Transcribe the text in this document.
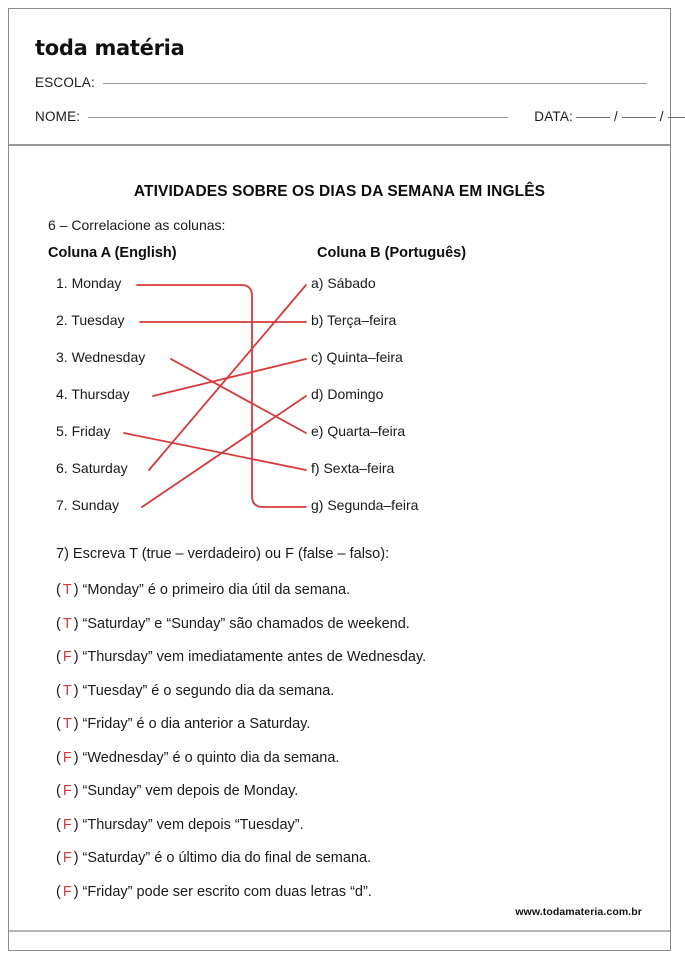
toda matéria
ESCOLA:
NOME:	DATA:	/	/
ATIVIDADES SOBRE OS DIAS DA SEMANA EM INGLÊS
6 – Correlacione as colunas:
Coluna A (English)	Coluna B (Português)
1. Monday
2. Tuesday
3. Wednesday
4. Thursday
5. Friday
6. Saturday
7. Sunday
a) Sábado
b) Terça–feira
c) Quinta–feira
d) Domingo
e) Quarta–feira
f) Sexta–feira
g) Segunda–feira
7) Escreva T (true – verdadeiro) ou F (false – falso):
( T ) “Monday” é o primeiro dia útil da semana.
( T ) “Saturday” e “Sunday” são chamados de weekend.
( F ) “Thursday” vem imediatamente antes de Wednesday.
( T ) “Tuesday” é o segundo dia da semana.
( T ) “Friday” é o dia anterior a Saturday.
( F ) “Wednesday” é o quinto dia da semana.
( F ) “Sunday” vem depois de Monday.
( F ) “Thursday” vem depois “Tuesday”.
( F ) “Saturday” é o último dia do final de semana.
( F ) “Friday” pode ser escrito com duas letras “d”.
www.todamateria.com.br
